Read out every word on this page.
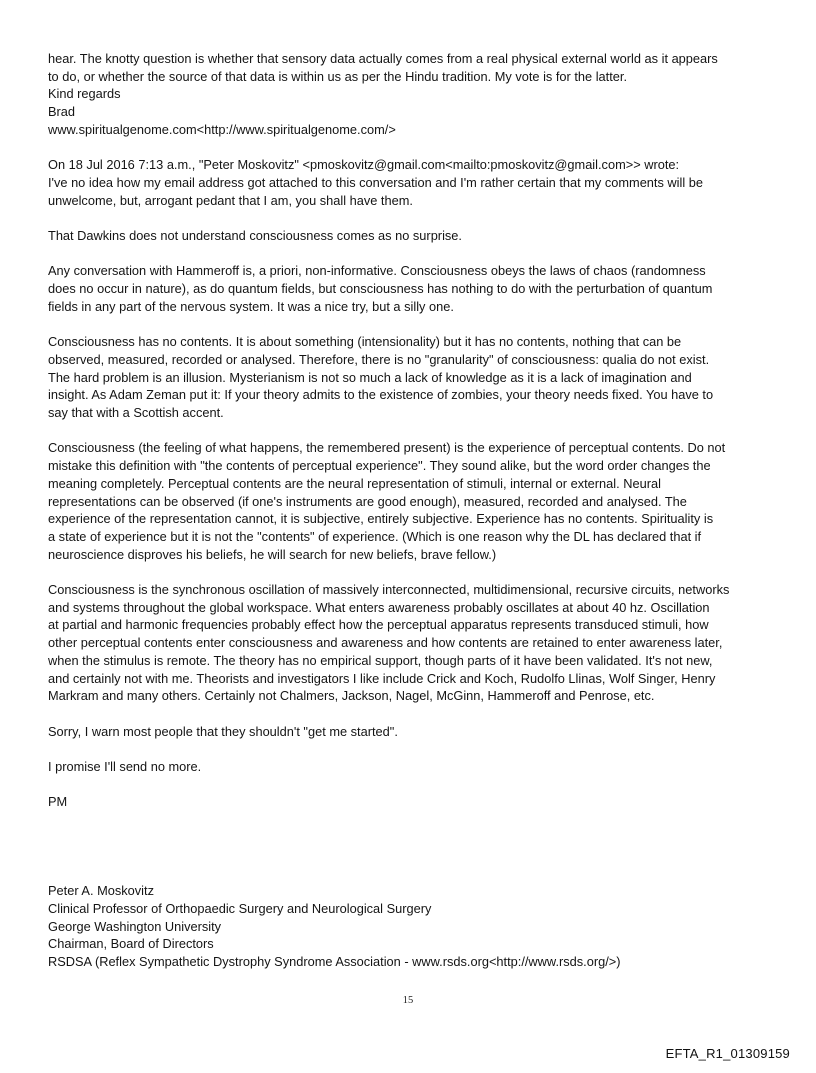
hear. The knotty question is whether that sensory data actually comes from a real physical external world as it appears
to do, or whether the source of that data is within us as per the Hindu tradition. My vote is for the latter.
Kind regards
Brad
www.spiritualgenome.com<http://www.spiritualgenome.com/>
On 18 Jul 2016 7:13 a.m., "Peter Moskovitz" <pmoskovitz@gmail.com<mailto:pmoskovitz@gmail.com>> wrote:
I've no idea how my email address got attached to this conversation and I'm rather certain that my comments will be
unwelcome, but, arrogant pedant that I am, you shall have them.
That Dawkins does not understand consciousness comes as no surprise.
Any conversation with Hammeroff is, a priori, non-informative. Consciousness obeys the laws of chaos (randomness
does no occur in nature), as do quantum fields, but consciousness has nothing to do with the perturbation of quantum
fields in any part of the nervous system. It was a nice try, but a silly one.
Consciousness has no contents. It is about something (intensionality) but it has no contents, nothing that can be
observed, measured, recorded or analysed. Therefore, there is no "granularity" of consciousness: qualia do not exist.
The hard problem is an illusion. Mysterianism is not so much a lack of knowledge as it is a lack of imagination and
insight. As Adam Zeman put it: If your theory admits to the existence of zombies, your theory needs fixed. You have to
say that with a Scottish accent.
Consciousness (the feeling of what happens, the remembered present) is the experience of perceptual contents. Do not
mistake this definition with "the contents of perceptual experience". They sound alike, but the word order changes the
meaning completely. Perceptual contents are the neural representation of stimuli, internal or external. Neural
representations can be observed (if one's instruments are good enough), measured, recorded and analysed. The
experience of the representation cannot, it is subjective, entirely subjective. Experience has no contents. Spirituality is
a state of experience but it is not the "contents" of experience. (Which is one reason why the DL has declared that if
neuroscience disproves his beliefs, he will search for new beliefs, brave fellow.)
Consciousness is the synchronous oscillation of massively interconnected, multidimensional, recursive circuits, networks
and systems throughout the global workspace. What enters awareness probably oscillates at about 40 hz. Oscillation
at partial and harmonic frequencies probably effect how the perceptual apparatus represents transduced stimuli, how
other perceptual contents enter consciousness and awareness and how contents are retained to enter awareness later,
when the stimulus is remote. The theory has no empirical support, though parts of it have been validated. It's not new,
and certainly not with me. Theorists and investigators I like include Crick and Koch, Rudolfo Llinas, Wolf Singer, Henry
Markram and many others. Certainly not Chalmers, Jackson, Nagel, McGinn, Hammeroff and Penrose, etc.
Sorry, I warn most people that they shouldn't "get me started".
I promise I'll send no more.
PM
Peter A. Moskovitz
Clinical Professor of Orthopaedic Surgery and Neurological Surgery
George Washington University
Chairman, Board of Directors
RSDSA (Reflex Sympathetic Dystrophy Syndrome Association - www.rsds.org<http://www.rsds.org/>)
15
EFTA_R1_01309159
